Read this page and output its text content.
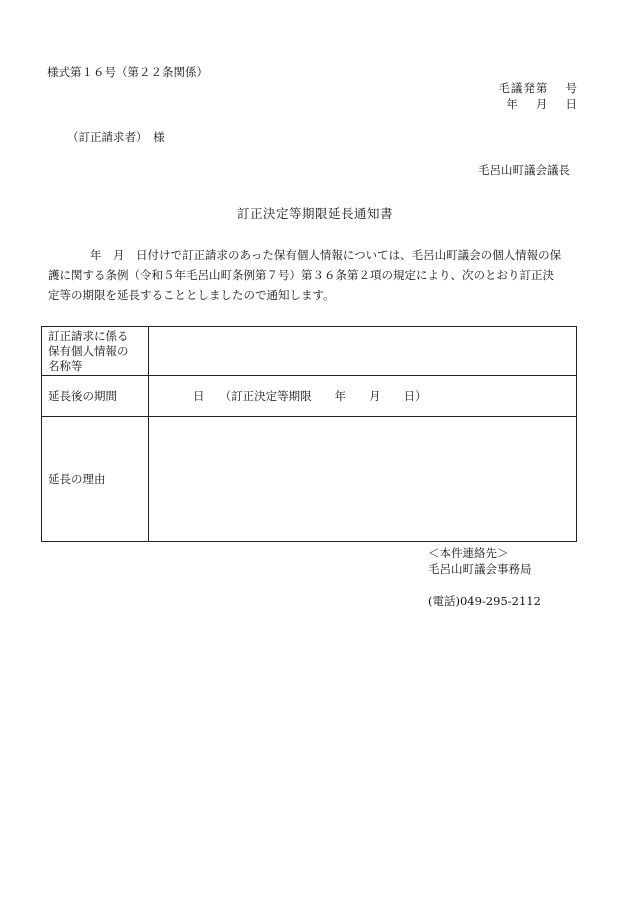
様式第１６号（第２２条関係）
毛議発第　 号
年　 月　 日
（訂正請求者）　様
毛呂山町議会議長
訂正決定等期限延長通知書
年　月　日付けで訂正請求のあった保有個人情報については、毛呂山町議会の個人情報の保
護に関する条例（令和５年毛呂山町条例第７号）第３６条第２項の規定により、次のとおり訂正決
定等の期限を延長することとしましたので通知します。
訂正請求に係る
保有個人情報の
名称等	

延長後の期間	日　 （訂正決定等期限　　年　　月　　日）
延長の理由	
＜本件連絡先＞
毛呂山町議会事務局
(電話)049-295-2112
